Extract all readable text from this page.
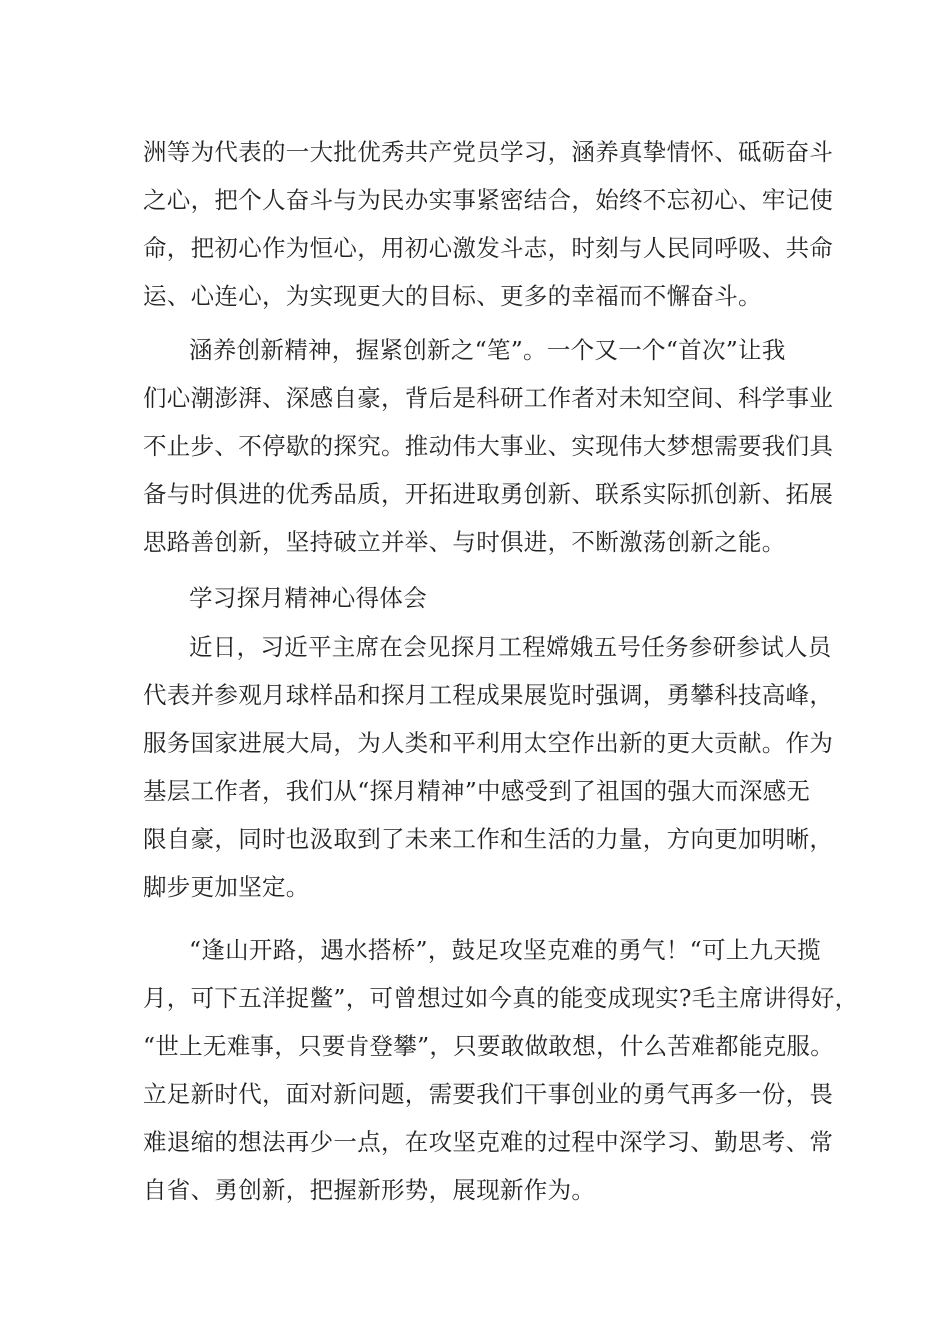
洲等为代表的一大批优秀共产党员学习，涵养真挚情怀、砥砺奋斗
之心，把个人奋斗与为民办实事紧密结合，始终不忘初心、牢记使
命，把初心作为恒心，用初心激发斗志，时刻与人民同呼吸、共命
运、心连心，为实现更大的目标、更多的幸福而不懈奋斗。
涵养创新精神，握紧创新之“笔”。一个又一个“首次”让我
们心潮澎湃、深感自豪，背后是科研工作者对未知空间、科学事业
不止步、不停歇的探究。推动伟大事业、实现伟大梦想需要我们具
备与时俱进的优秀品质，开拓进取勇创新、联系实际抓创新、拓展
思路善创新，坚持破立并举、与时俱进，不断激荡创新之能。
学习探月精神心得体会
近日，习近平主席在会见探月工程嫦娥五号任务参研参试人员
代表并参观月球样品和探月工程成果展览时强调，勇攀科技高峰，
服务国家进展大局，为人类和平利用太空作出新的更大贡献。作为
基层工作者，我们从“探月精神”中感受到了祖国的强大而深感无
限自豪，同时也汲取到了未来工作和生活的力量，方向更加明晰，
脚步更加坚定。
“逢山开路，遇水搭桥”，鼓足攻坚克难的勇气！“可上九天揽
月，可下五洋捉鳖”，可曾想过如今真的能变成现实?毛主席讲得好，
“世上无难事，只要肯登攀”，只要敢做敢想，什么苦难都能克服。
立足新时代，面对新问题，需要我们干事创业的勇气再多一份，畏
难退缩的想法再少一点，在攻坚克难的过程中深学习、勤思考、常
自省、勇创新，把握新形势，展现新作为。
